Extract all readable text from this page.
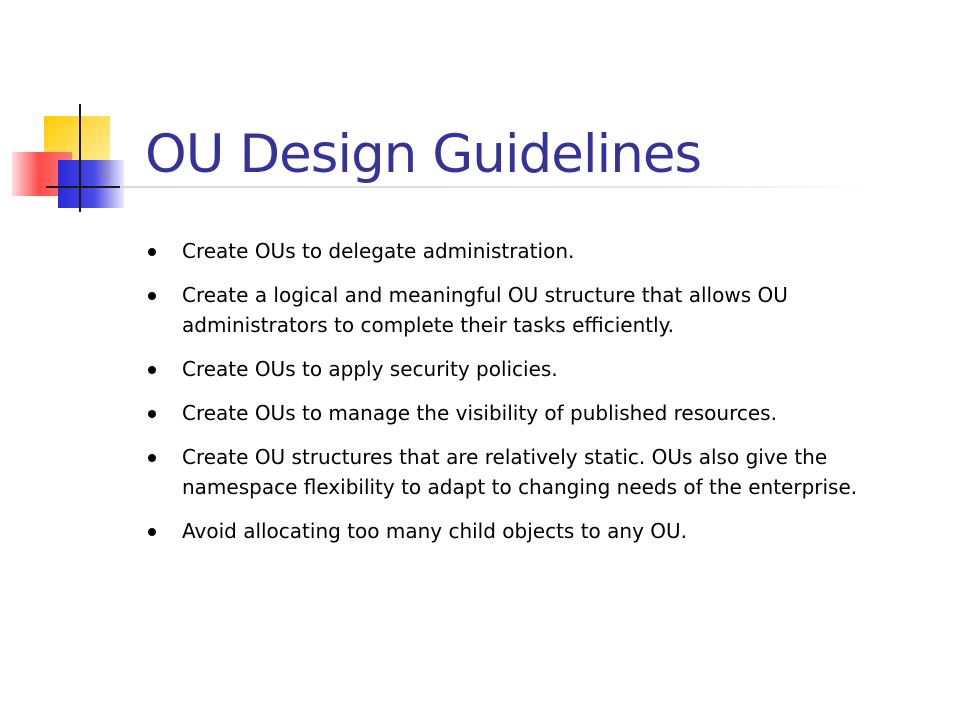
OU Design Guidelines
Create OUs to delegate administration.
Create a logical and meaningful OU structure that allows OU administrators to complete their tasks efficiently.
Create OUs to apply security policies.
Create OUs to manage the visibility of published resources.
Create OU structures that are relatively static. OUs also give the namespace flexibility to adapt to changing needs of the enterprise.
Avoid allocating too many child objects to any OU.
